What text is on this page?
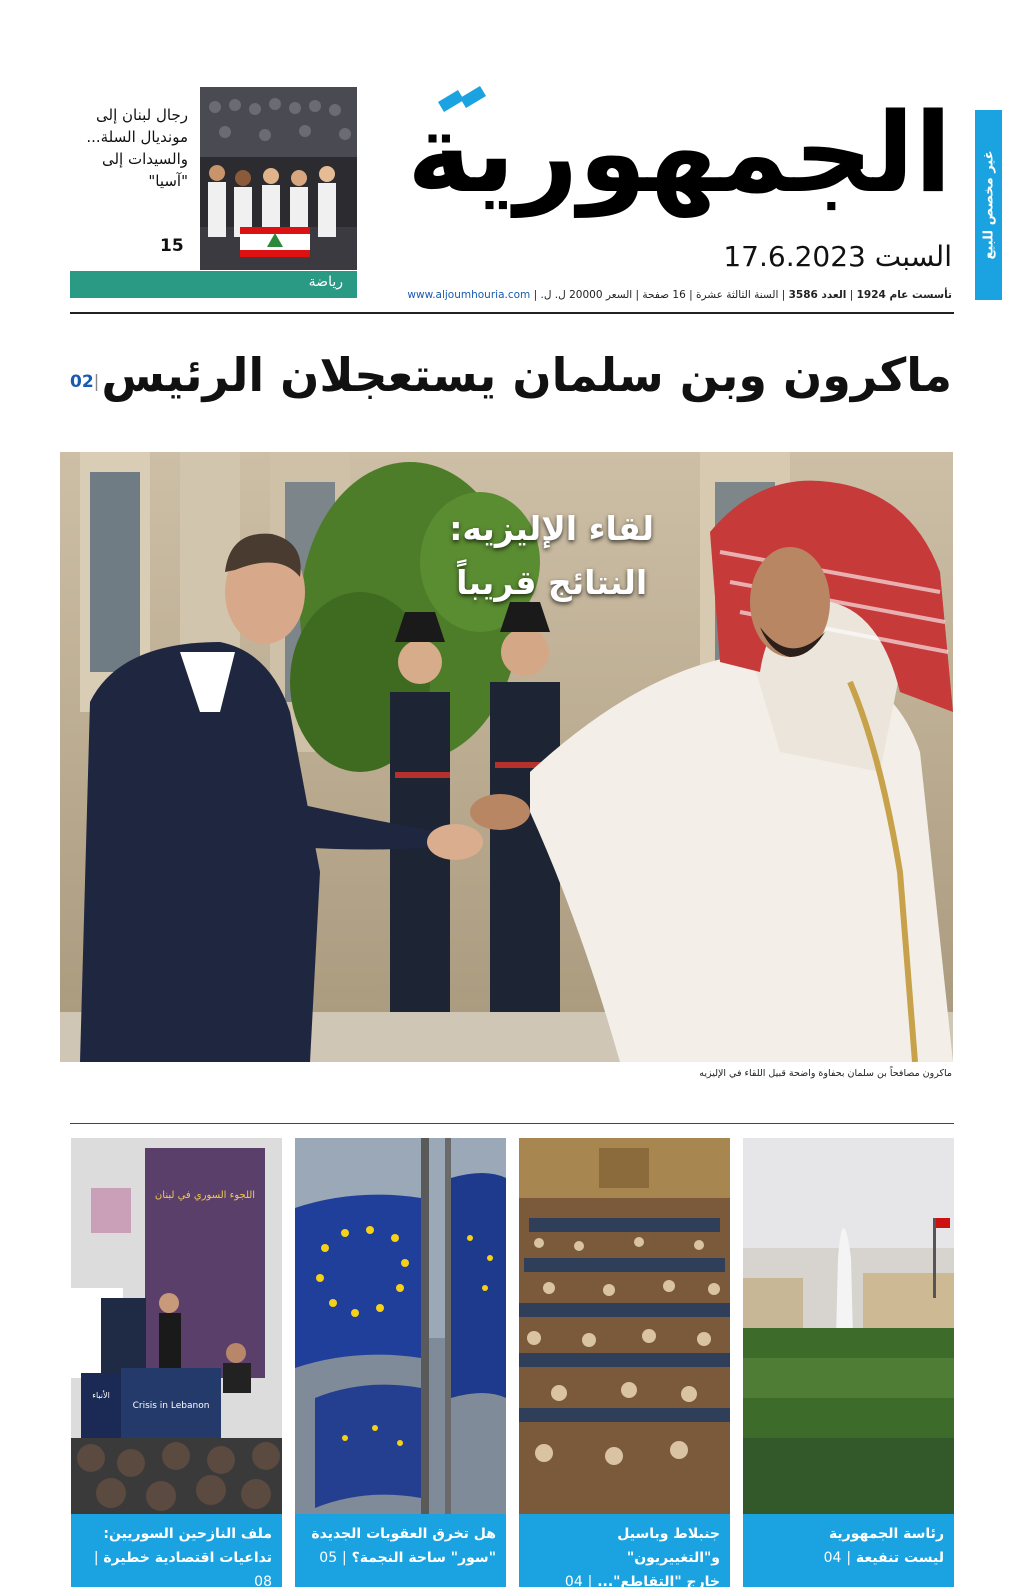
غير مخصص للبيع
الجمهورية
السبت 17.6.2023
تأسست عام 1924 | العدد 3586 | السنة الثالثة عشرة | 16 صفحة | السعر 20000 ل. ل. | www.aljoumhouria.com
رجال لبنان إلى مونديال السلة... والسيدات إلى "آسيا"
15
رياضة
ماكرون وبن سلمان يستعجلان الرئيس
02|
لقاء الإليزيه:
النتائج قريباً
ماكرون مصافحاً بن سلمان بحفاوة واضحة قبيل اللقاء في الإليزيه
رئاسة الجمهورية
ليست تنفيعة | 04
جنبلاط وباسيل و"التغييريون"
خارج "التقاطع"... | 04
هل تخرق العقوبات الجديدة
"سور" ساحة النجمة؟ | 05
اللجوء السوري في لبنان
Crisis in Lebanon
الأنباء
ملف النازحين السوريين:
تداعيات اقتصادية خطيرة | 08
